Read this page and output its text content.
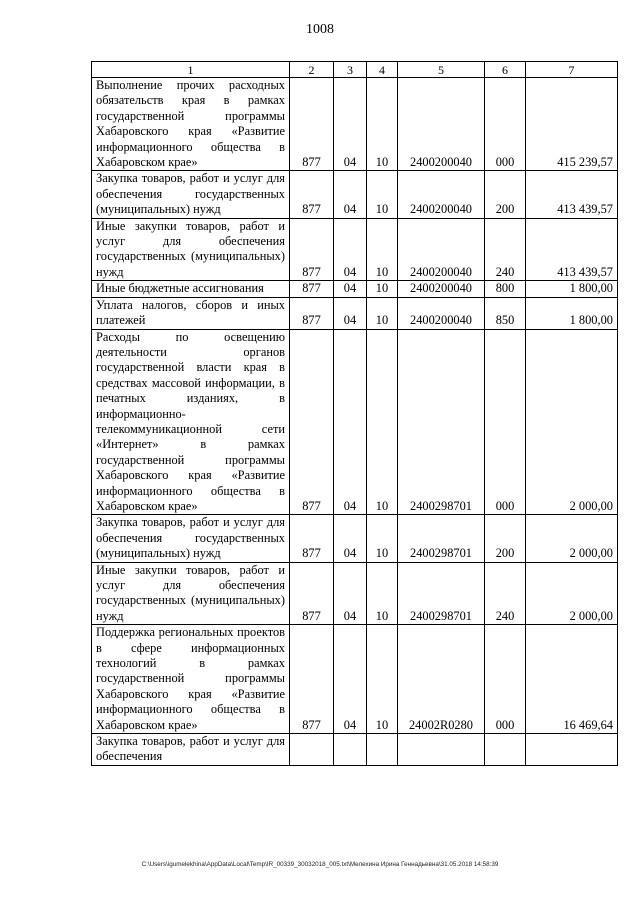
1008
1	2	3	4	5	6	7
Выполнение прочих расходных обязательств края в рамках государственной программы Хабаровского края «Развитие информационного общества в Хабаровском крае»	877	04	10	2400200040	000	415 239,57
Закупка товаров, работ и услуг для обеспечения государственных (муниципальных) нужд	877	04	10	2400200040	200	413 439,57
Иные закупки товаров, работ и услуг для обеспечения государственных (муниципальных) нужд	877	04	10	2400200040	240	413 439,57
Иные бюджетные ассигнования	877	04	10	2400200040	800	1 800,00
Уплата налогов, сборов и иных платежей	877	04	10	2400200040	850	1 800,00
Расходы по освещению деятельности органов государственной власти края в средствах массовой информации, в печатных изданиях, в информационно-телекоммуникационной сети «Интернет» в рамках государственной программы Хабаровского края «Развитие информационного общества в Хабаровском крае»	877	04	10	2400298701	000	2 000,00
Закупка товаров, работ и услуг для обеспечения государственных (муниципальных) нужд	877	04	10	2400298701	200	2 000,00
Иные закупки товаров, работ и услуг для обеспечения государственных (муниципальных) нужд	877	04	10	2400298701	240	2 000,00
Поддержка региональных проектов в сфере информационных технологий в рамках государственной программы Хабаровского края «Развитие информационного общества в Хабаровском крае»	877	04	10	24002R0280	000	16 469,64
Закупка товаров, работ и услуг для обеспечения						
C:\Users\igumelekhina\AppData\Local\Temp\IR_00339_30032018_005.txt\Мелехина Ирина Геннадьевна\31.05.2018 14:58:39
